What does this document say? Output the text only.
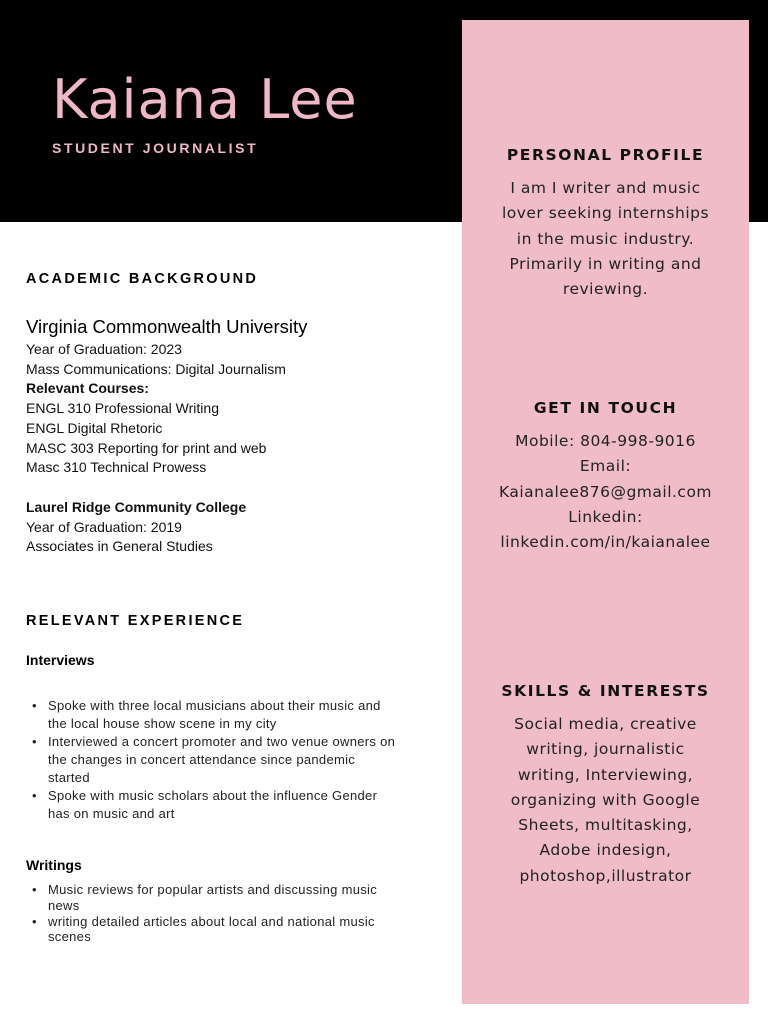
Kaiana Lee
STUDENT JOURNALIST
ACADEMIC BACKGROUND
Virginia Commonwealth University
Year of Graduation: 2023
Mass Communications: Digital Journalism
Relevant Courses:
ENGL 310 Professional Writing
ENGL Digital Rhetoric
MASC 303 Reporting for print and web
Masc 310 Technical Prowess
Laurel Ridge Community College
Year of Graduation: 2019
Associates in General Studies
RELEVANT EXPERIENCE
Interviews
• Spoke with three local musicians about their music and the local house show scene in my city
• Interviewed a concert promoter and two venue owners on the changes in concert attendance since pandemic started
• Spoke with music scholars about the influence Gender has on music and art
Writings
• Music reviews for popular artists and discussing music news
• writing detailed articles about local and national music scenes
PERSONAL PROFILE
I am I writer and music
lover seeking internships
in the music industry.
Primarily in writing and
reviewing.
GET IN TOUCH
Mobile: 804-998-9016
Email:
Kaianalee876@gmail.com
Linkedin:
linkedin.com/in/kaianalee
SKILLS & INTERESTS
Social media, creative
writing, journalistic
writing, Interviewing,
organizing with Google
Sheets, multitasking,
Adobe indesign,
photoshop,illustrator
